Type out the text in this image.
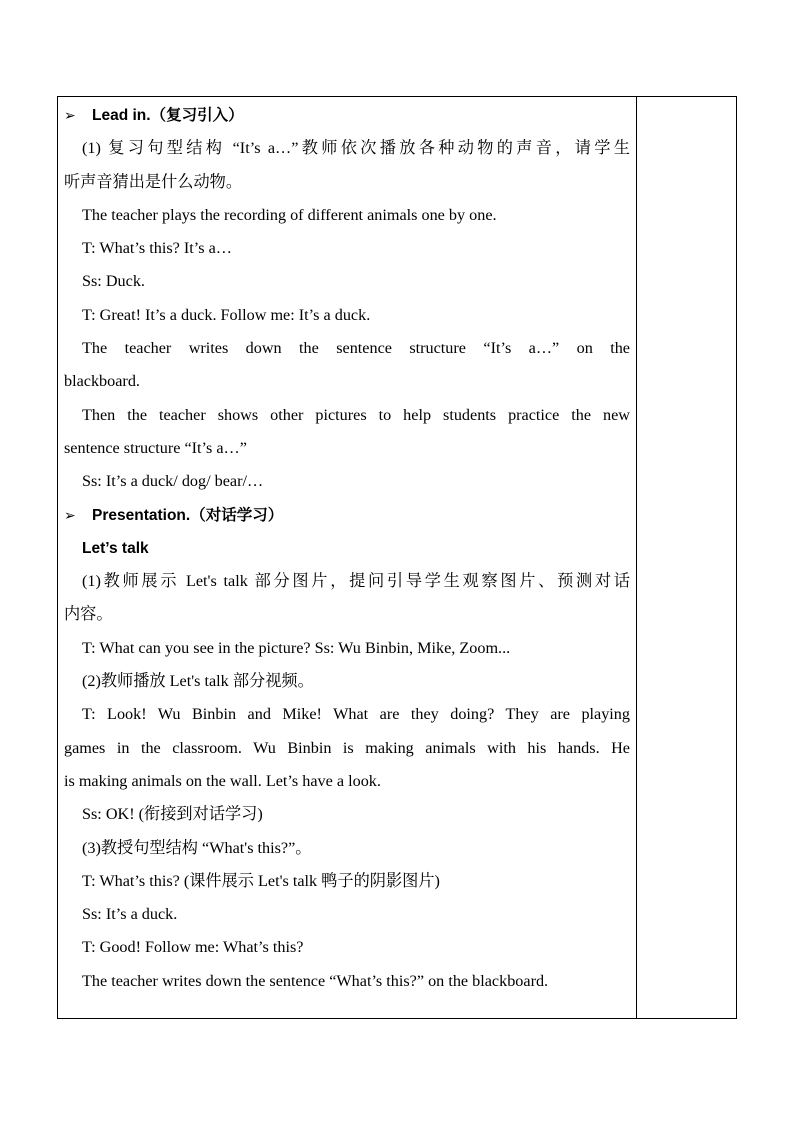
➢ Lead in.（复习引入）
(1) 复习句型结构 “It’s a…”教师依次播放各种动物的声音，请学生
听声音猜出是什么动物。
The teacher plays the recording of different animals one by one.
T: What’s this? It’s a…
Ss: Duck.
T: Great! It’s a duck. Follow me: It’s a duck.
The teacher writes down the sentence structure “It’s a…” on the
blackboard.
Then the teacher shows other pictures to help students practice the new
sentence structure “It’s a…”
Ss: It’s a duck/ dog/ bear/…
➢ Presentation.（对话学习）
Let’s talk
(1)教师展示 Let's talk 部分图片，提问引导学生观察图片、预测对话
内容。
T: What can you see in the picture? Ss: Wu Binbin, Mike, Zoom...
(2)教师播放 Let's talk 部分视频。
T: Look! Wu Binbin and Mike! What are they doing? They are playing
games in the classroom. Wu Binbin is making animals with his hands. He
is making animals on the wall. Let’s have a look.
Ss: OK! (衔接到对话学习)
(3)教授句型结构 “What's this?”。
T: What’s this? (课件展示 Let's talk 鸭子的阴影图片)
Ss: It’s a duck.
T: Good! Follow me: What’s this?
The teacher writes down the sentence “What’s this?” on the blackboard.
